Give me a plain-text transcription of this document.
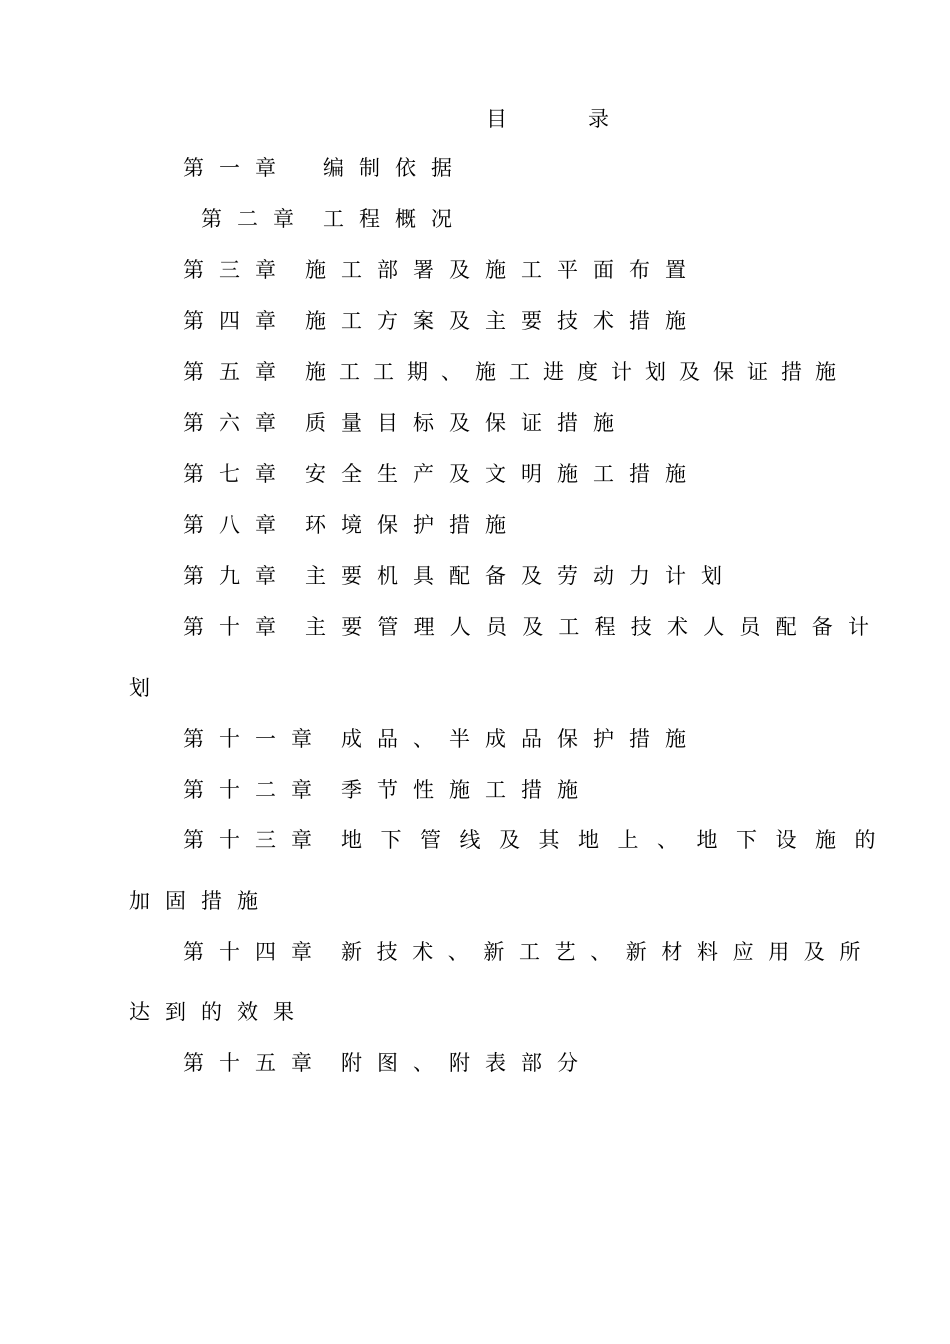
目　录
第一章 编制依据
第二章 工程概况
第三章 施工部署及施工平面布置
第四章 施工方案及主要技术措施
第五章 施工工期、施工进度计划及保证措施
第六章 质量目标及保证措施
第七章 安全生产及文明施工措施
第八章 环境保护措施
第九章 主要机具配备及劳动力计划
第十章 主要管理人员及工程技术人员配备计
划
第十一章 成品、半成品保护措施
第十二章 季节性施工措施
第十三章 地下管线及其地上、地下设施的
加固措施
第十四章 新技术、新工艺、新材料应用及所
达到的效果
第十五章 附图、附表部分
